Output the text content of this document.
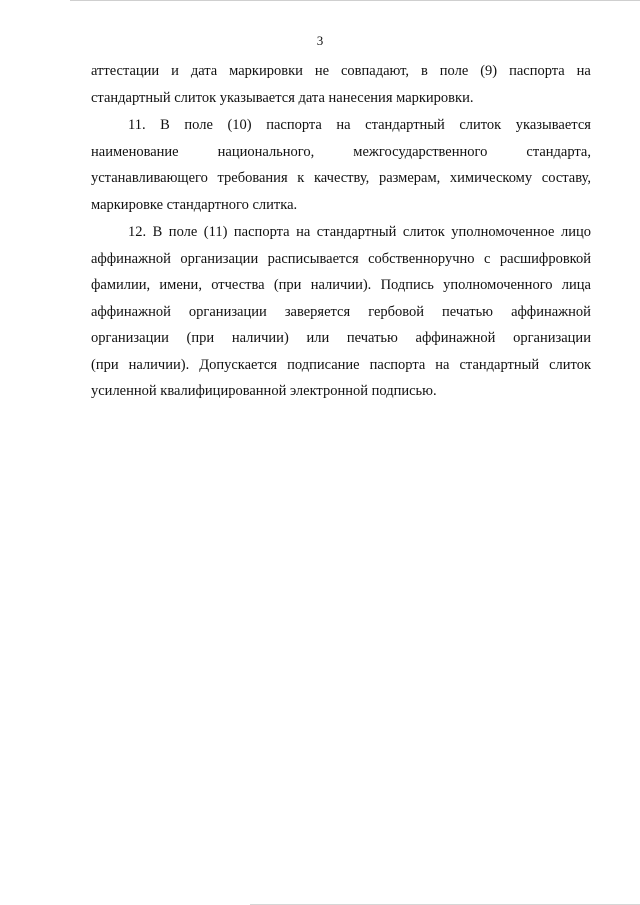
3
аттестации и дата маркировки не совпадают, в поле (9) паспорта на
стандартный слиток указывается дата нанесения маркировки.
11. В поле (10) паспорта на стандартный слиток указывается
наименование	национального,	межгосударственного	стандарта,
устанавливающего требования к качеству, размерам, химическому составу,
маркировке стандартного слитка.
12. В поле (11) паспорта на стандартный слиток уполномоченное лицо
аффинажной организации расписывается собственноручно с расшифровкой
фамилии, имени, отчества (при наличии). Подпись уполномоченного лица
аффинажной организации заверяется гербовой печатью аффинажной
организации (при наличии) или печатью аффинажной организации
(при наличии). Допускается подписание паспорта на стандартный слиток
усиленной квалифицированной электронной подписью.
